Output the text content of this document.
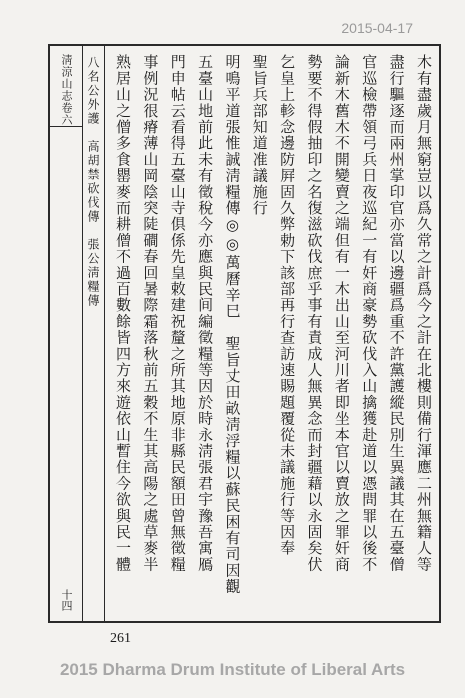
2015-04-17
淸涼山志卷六
十四
八名公外護　高胡禁砍伐傳　張公淸糧傳	木有盡歲月無窮豈以爲久常之計爲今之計在北樓則備行渾應二州無籍人等
盡行驅逐而兩州掌印官亦當以邊疆爲重不許黨護縱民別生異議其在五臺僧
官巡檢帶領弓兵日夜巡紀一有奸商豪勢砍伐入山擒獲赴道以憑問罪以後不
論新木舊木不開變賣之端但有一木出山至河川者即坐本官以賣放之罪奸商
勢要不得假抽印之名復滋砍伐庶乎事有責成人無異念而封疆藉以永固矣伏
乞皇上軫念邊防屛固久弊勅下該部再行查訪速賜題覆從未議施行等因奉
聖旨兵部知道准議施行
明鳴平道張惟誠淸糧傳◎◎萬曆辛巳　聖旨丈田畝淸浮糧以蘇民困有司因觀
五臺山地前此未有徵稅今亦應與民间編徵糧等因於時永淸張君宇豫吾寓鴈
門申帖云看得五臺山寺俱係先皇敕建祝釐之所其地原非縣民額田曾無徵糧
事例況很瘠薄山岡陰突陡磵春回暑際霜落秋前五穀不生其高陽之處草麥半
熟居山之僧多食罌麥而耕僧不過百數餘皆四方來遊依山暫住今欲與民一體
261
2015 Dharma Drum Institute of Liberal Arts
